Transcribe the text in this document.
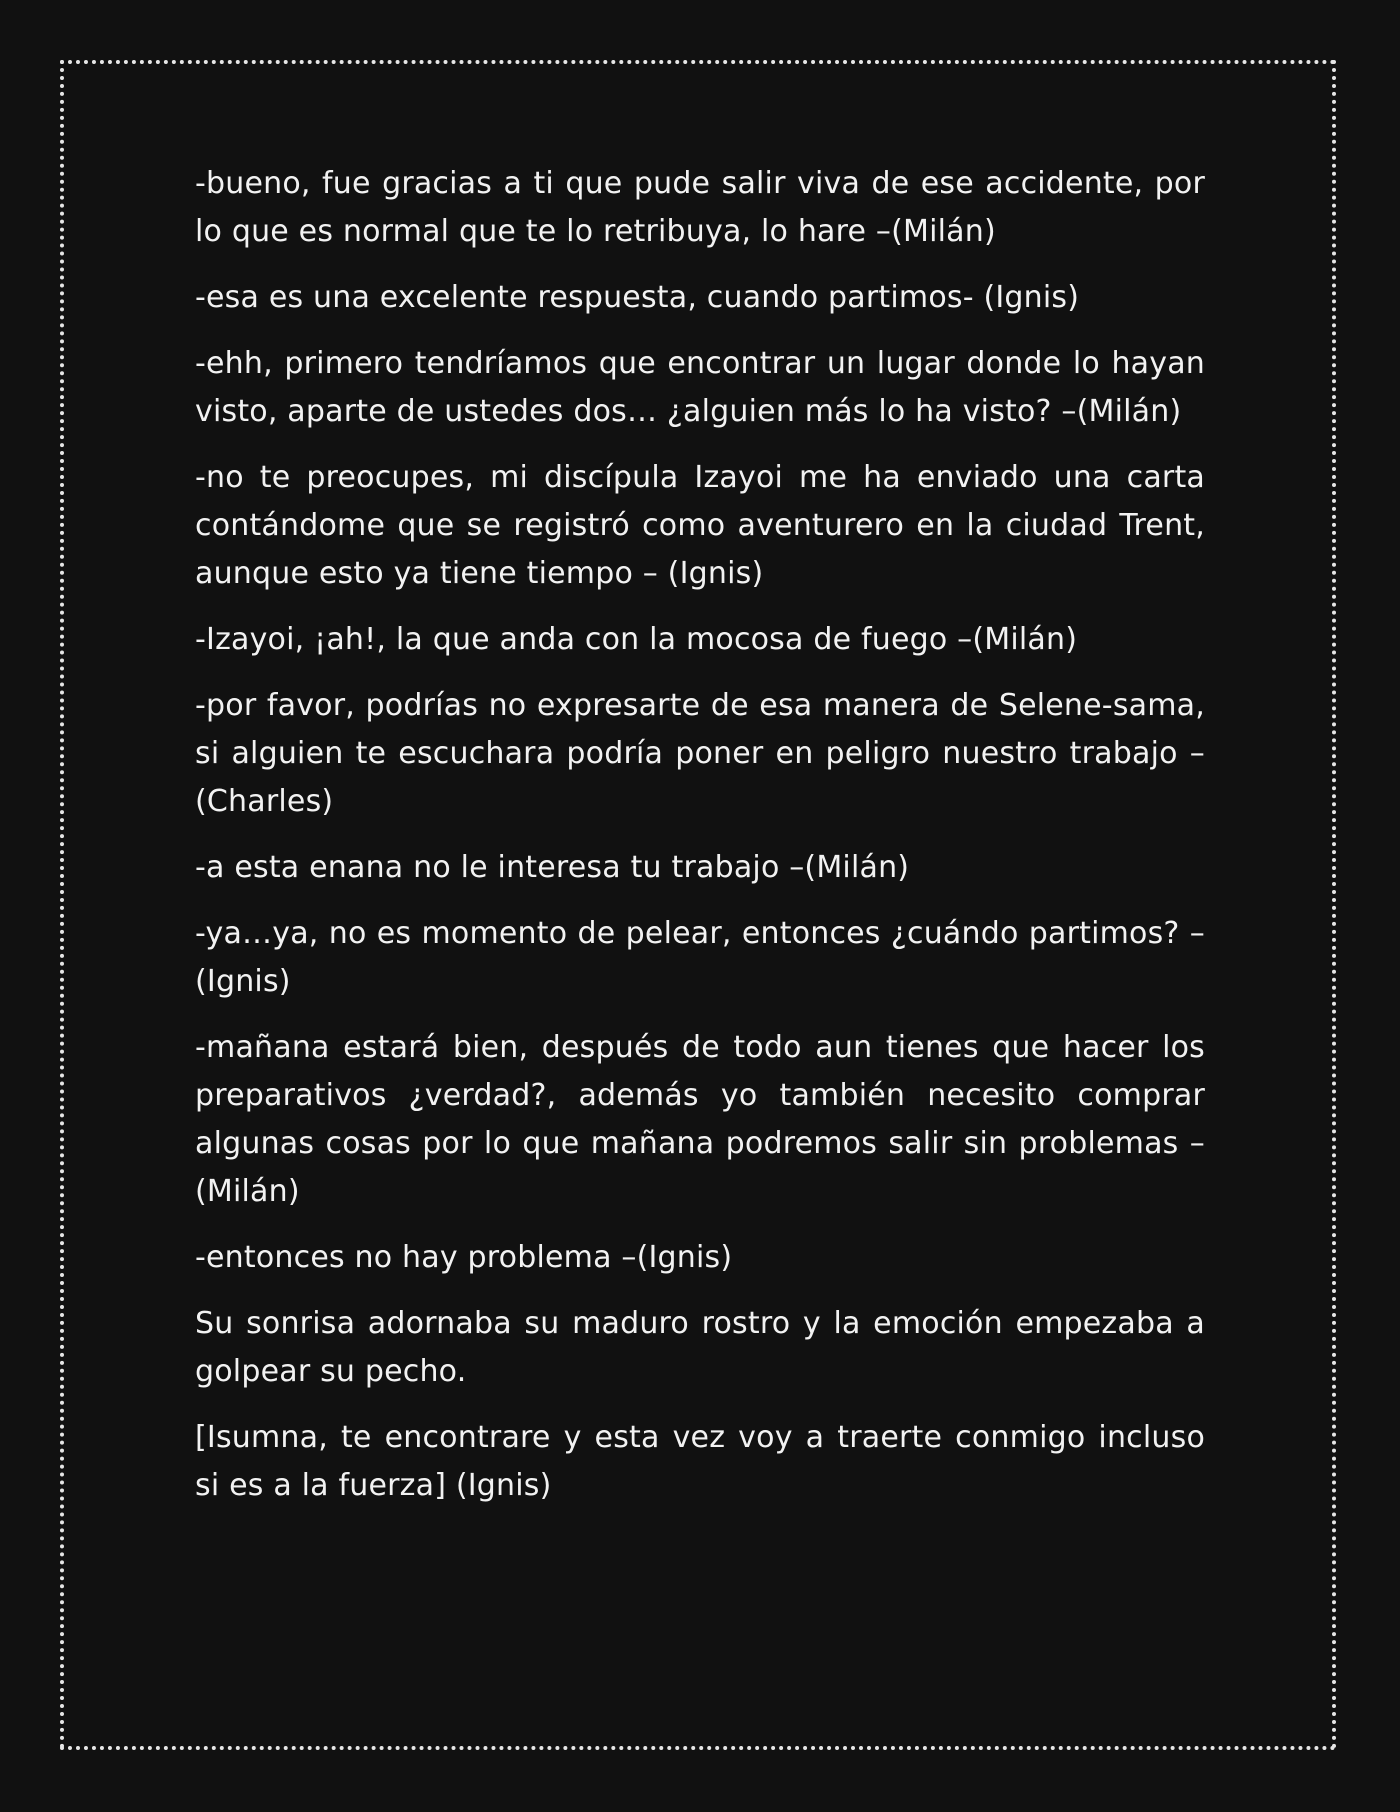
-bueno, fue gracias a ti que pude salir viva de ese accidente, por lo que es normal que te lo retribuya, lo hare –(Milán)

-esa es una excelente respuesta, cuando partimos- (Ignis)

-ehh, primero tendríamos que encontrar un lugar donde lo hayan visto, aparte de ustedes dos… ¿alguien más lo ha visto? –(Milán)

-no te preocupes, mi discípula Izayoi me ha enviado una carta contándome que se registró como aventurero en la ciudad Trent, aunque esto ya tiene tiempo – (Ignis)

-Izayoi, ¡ah!, la que anda con la mocosa de fuego –(Milán)

-por favor, podrías no expresarte de esa manera de Selene-sama, si alguien te escuchara podría poner en peligro nuestro trabajo –(Charles)

-a esta enana no le interesa tu trabajo –(Milán)

-ya…ya, no es momento de pelear, entonces ¿cuándo partimos? –(Ignis)

-mañana estará bien, después de todo aun tienes que hacer los preparativos ¿verdad?, además yo también necesito comprar algunas cosas por lo que mañana podremos salir sin problemas –(Milán)

-entonces no hay problema –(Ignis)

Su sonrisa adornaba su maduro rostro y la emoción empezaba a golpear su pecho.

[Isumna, te encontrare y esta vez voy a traerte conmigo incluso si es a la fuerza] (Ignis)
